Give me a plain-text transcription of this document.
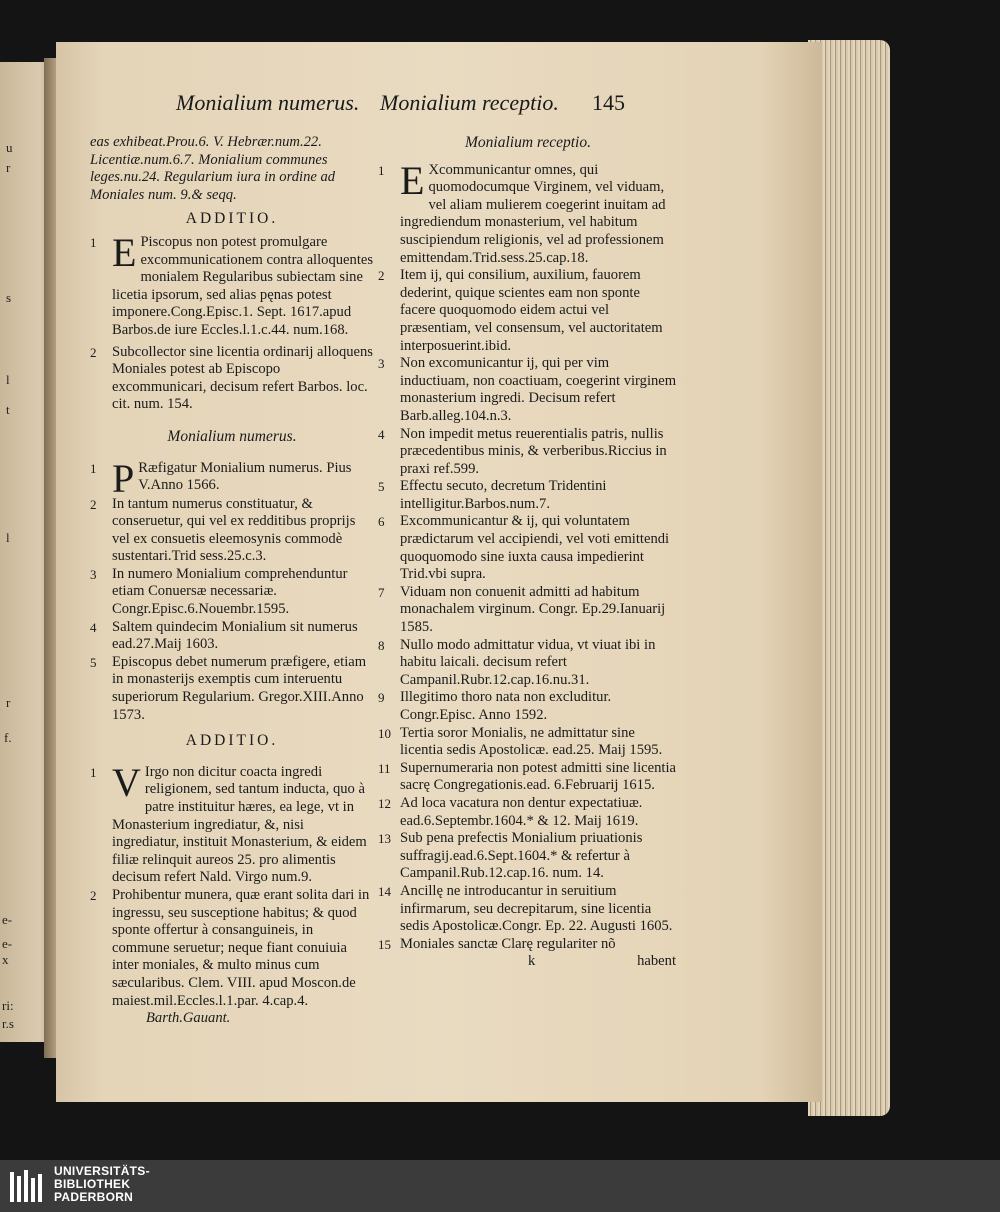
u
r
s
l
t
l
r
f.
e-
e-
x
ri:
r.s
Monialium numerus. Monialium receptio. 145
eas exhibeat.Prou.6. V. Hebrær.num.22. Licentiæ.num.6.7. Monialium communes leges.nu.24. Regularium iura in ordine ad Moniales num. 9.& seqq.
ADDITIO.
1 E Piscopus non potest promulgare excommunicationem contra alloquentes monialem Regularibus subiectam sine licetia ipsorum, sed alias pęnas potest imponere.Cong.Episc.1. Sept. 1617.apud Barbos.de iure Eccles.l.1.c.44. num.168.
2 Subcollector sine licentia ordinarij alloquens Moniales potest ab Episcopo excommunicari, decisum refert Barbos. loc. cit. num. 154.
Monialium numerus.
1 P Ræfigatur Monialium numerus. Pius V.Anno 1566.
2 In tantum numerus constituatur, & conseruetur, qui vel ex redditibus proprijs vel ex consuetis eleemosynis commodè sustentari.Trid sess.25.c.3.
3 In numero Monialium comprehenduntur etiam Conuersæ necessariæ. Congr.Episc.6.Nouembr.1595.
4 Saltem quindecim Monialium sit numerus ead.27.Maij 1603.
5 Episcopus debet numerum præfigere, etiam in monasterijs exemptis cum interuentu superiorum Regularium. Gregor.XIII.Anno 1573.
ADDITIO.
1 V Irgo non dicitur coacta ingredi religionem, sed tantum inducta, quo à patre instituitur hæres, ea lege, vt in Monasterium ingrediatur, &, nisi ingrediatur, instituit Monasterium, & eidem filiæ relinquit aureos 25. pro alimentis decisum refert Nald. Virgo num.9.
2 Prohibentur munera, quæ erant solita dari in ingressu, seu susceptione habitus; & quod sponte offertur à consanguineis, in commune seruetur; neque fiant conuiuia inter moniales, & multo minus cum sæcularibus. Clem. VIII. apud Moscon.de maiest.mil.Eccles.l.1.par. 4.cap.4.
Barth.Gauant.
Monialium receptio.
1 E Xcommunicantur omnes, qui quomodocumque Virginem, vel viduam, vel aliam mulierem coegerint inuitam ad ingrediendum monasterium, vel habitum suscipiendum religionis, vel ad professionem emittendam.Trid.sess.25.cap.18.
2 Item ij, qui consilium, auxilium, fauorem dederint, quique scientes eam non sponte facere quoquomodo eidem actui vel præsentiam, vel consensum, vel auctoritatem interposuerint.ibid.
3 Non excomunicantur ij, qui per vim inductiuam, non coactiuam, coegerint virginem monasterium ingredi. Decisum refert Barb.alleg.104.n.3.
4 Non impedit metus reuerentialis patris, nullis præcedentibus minis, & verberibus.Riccius in praxi ref.599.
5 Effectu secuto, decretum Tridentini intelligitur.Barbos.num.7.
6 Excommunicantur & ij, qui voluntatem prædictarum vel accipiendi, vel voti emittendi quoquomodo sine iuxta causa impedierint Trid.vbi supra.
7 Viduam non conuenit admitti ad habitum monachalem virginum. Congr. Ep.29.Ianuarij 1585.
8 Nullo modo admittatur vidua, vt viuat ibi in habitu laicali. decisum refert Campanil.Rubr.12.cap.16.nu.31.
9 Illegitimo thoro nata non excluditur. Congr.Episc. Anno 1592.
10 Tertia soror Monialis, ne admittatur sine licentia sedis Apostolicæ. ead.25. Maij 1595.
11 Supernumeraria non potest admitti sine licentia sacrę Congregationis.ead. 6.Februarij 1615.
12 Ad loca vacatura non dentur expectatiuæ. ead.6.Septembr.1604.* & 12. Maij 1619.
13 Sub pena prefectis Monialium priuationis suffragij.ead.6.Sept.1604.* & refertur à Campanil.Rub.12.cap.16. num. 14.
14 Ancillę ne introducantur in seruitium infirmarum, seu decrepitarum, sine licentia sedis Apostolicæ.Congr. Ep. 22. Augusti 1605.
15 Moniales sanctæ Clarę regulariter nõ
k	habent
UNIVERSITÄTS-
BIBLIOTHEK
PADERBORN
